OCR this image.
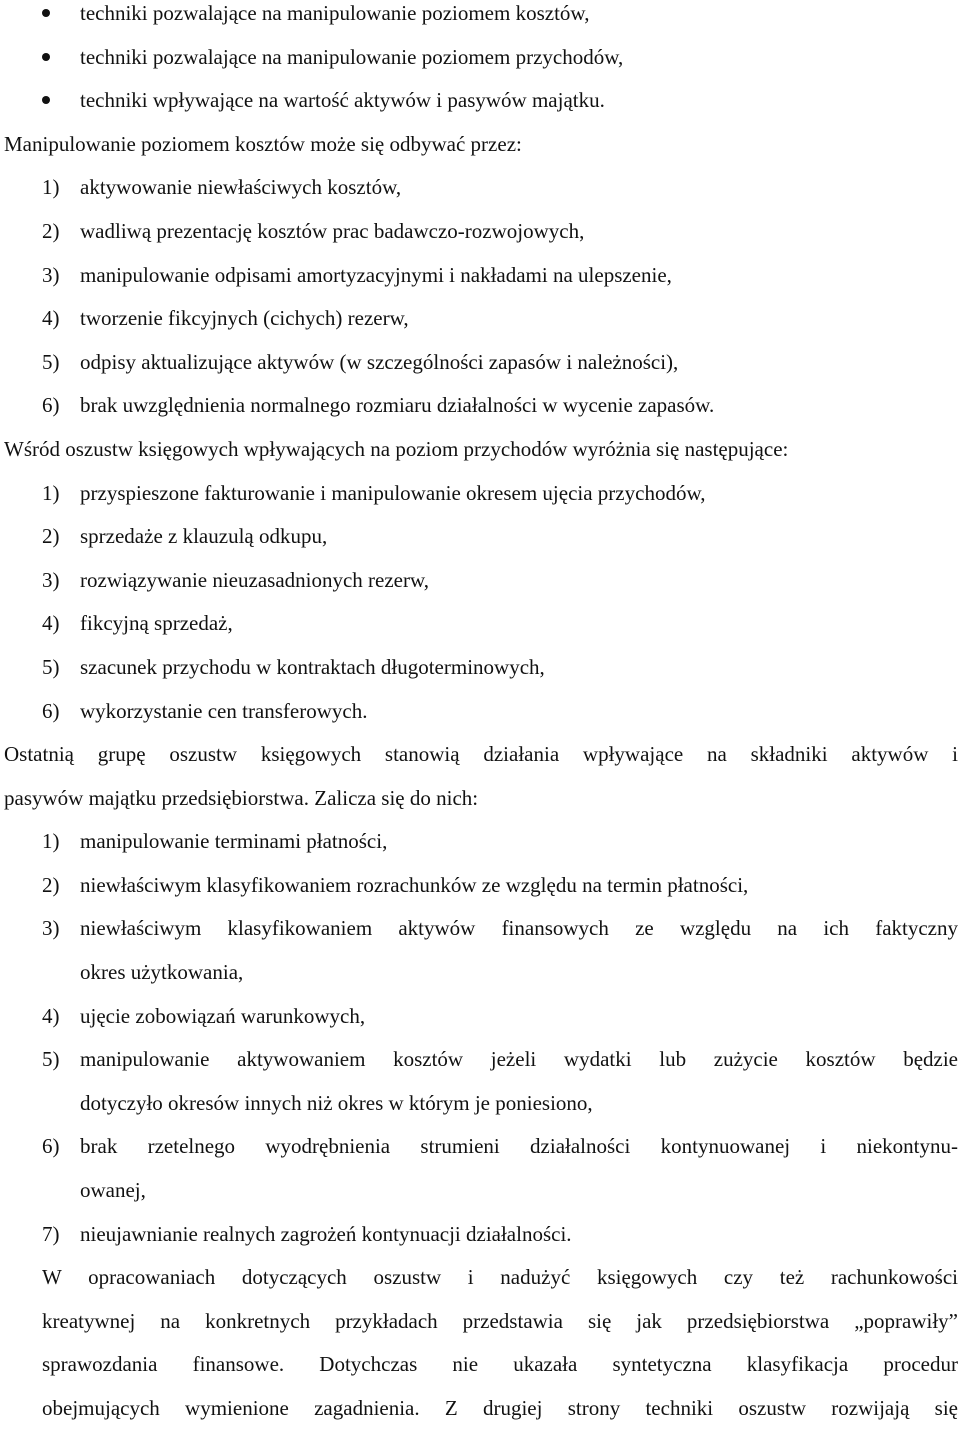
techniki pozwalające na manipulowanie poziomem kosztów,
techniki pozwalające na manipulowanie poziomem przychodów,
techniki wpływające na wartość aktywów i pasywów majątku.
Manipulowanie poziomem kosztów może się odbywać przez:
1) aktywowanie niewłaściwych kosztów,
2) wadliwą prezentację kosztów prac badawczo-rozwojowych,
3) manipulowanie odpisami amortyzacyjnymi i nakładami na ulepszenie,
4) tworzenie fikcyjnych (cichych) rezerw,
5) odpisy aktualizujące aktywów (w szczególności zapasów i należności),
6) brak uwzględnienia normalnego rozmiaru działalności w wycenie zapasów.
Wśród oszustw księgowych wpływających na poziom przychodów wyróżnia się następujące:
1) przyspieszone fakturowanie i manipulowanie okresem ujęcia przychodów,
2) sprzedaże z klauzulą odkupu,
3) rozwiązywanie nieuzasadnionych rezerw,
4) fikcyjną sprzedaż,
5) szacunek przychodu w kontraktach długoterminowych,
6) wykorzystanie cen transferowych.
Ostatnią grupę oszustw księgowych stanowią działania wpływające na składniki aktywów i
pasywów majątku przedsiębiorstwa. Zalicza się do nich:
1) manipulowanie terminami płatności,
2) niewłaściwym klasyfikowaniem rozrachunków ze względu na termin płatności,
3) niewłaściwym klasyfikowaniem aktywów finansowych ze względu na ich faktyczny
okres użytkowania,
4) ujęcie zobowiązań warunkowych,
5) manipulowanie aktywowaniem kosztów jeżeli wydatki lub zużycie kosztów będzie
dotyczyło okresów innych niż okres w którym je poniesiono,
6) brak rzetelnego wyodrębnienia strumieni działalności kontynuowanej i niekontynu-
owanej,
7) nieujawnianie realnych zagrożeń kontynuacji działalności.
W opracowaniach dotyczących oszustw i nadużyć księgowych czy też rachunkowości
kreatywnej na konkretnych przykładach przedstawia się jak przedsiębiorstwa „poprawiły”
sprawozdania finansowe. Dotychczas nie ukazała syntetyczna klasyfikacja procedur
obejmujących wymienione zagadnienia. Z drugiej strony techniki oszustw rozwijają się
